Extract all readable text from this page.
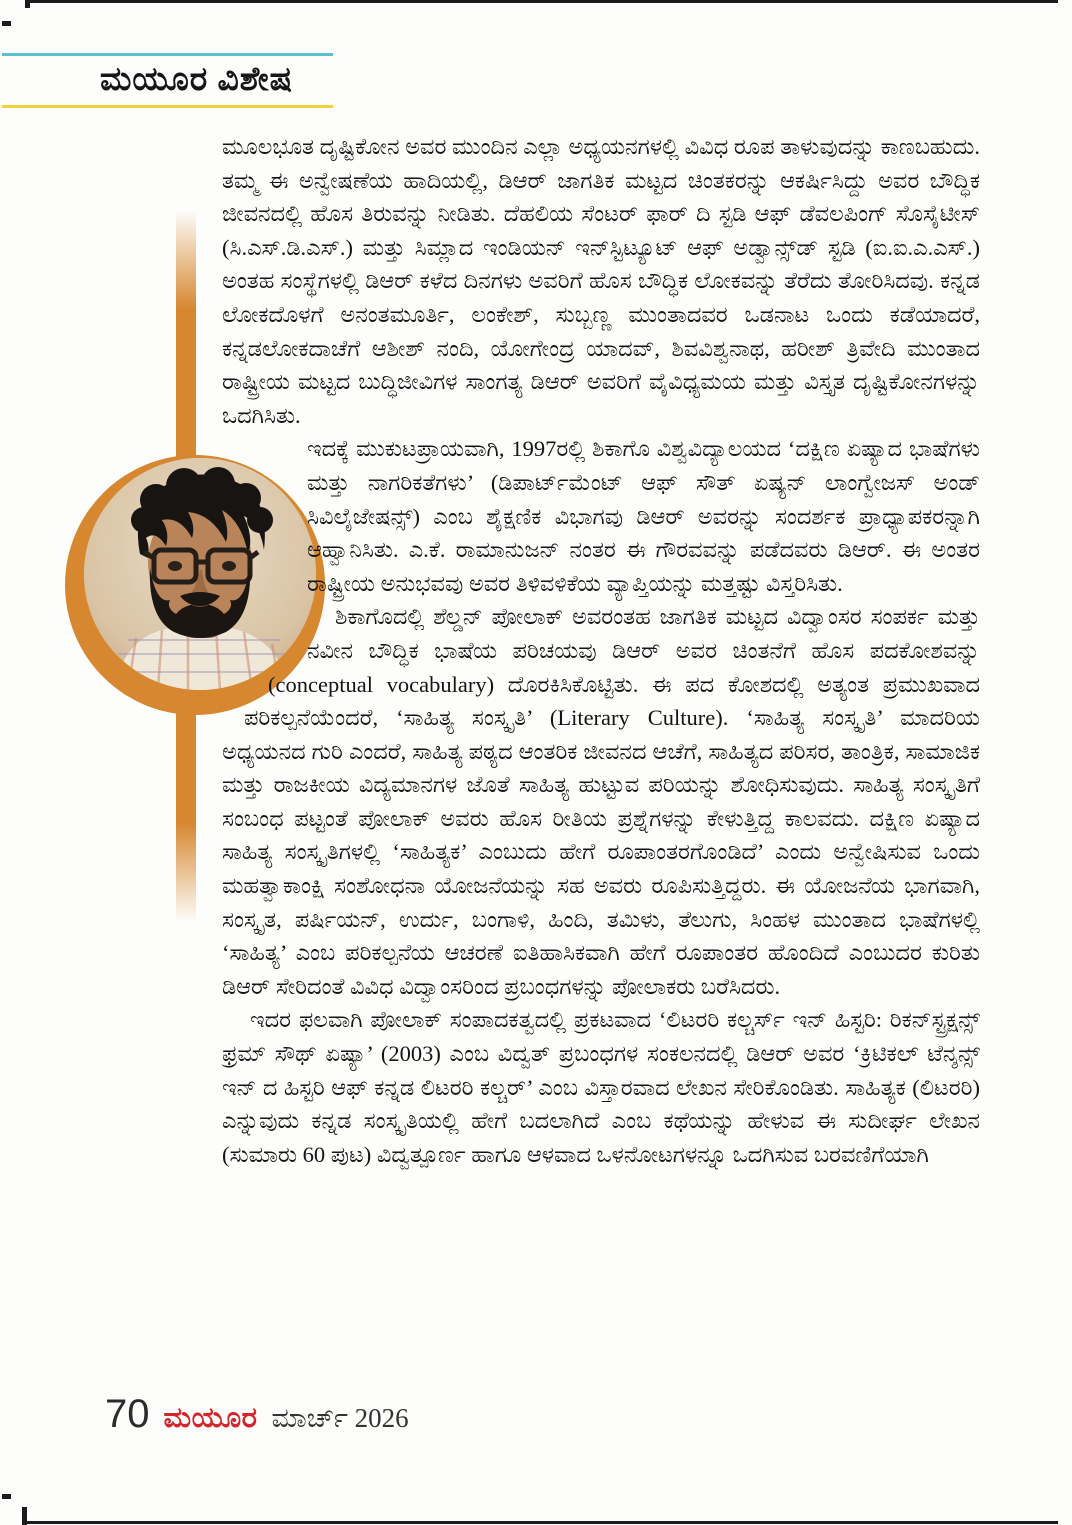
ಮಯೂರ ವಿಶೇಷ

ಮೂಲಭೂತ ದೃಷ್ಟಿಕೋನ ಅವರ ಮುಂದಿನ ಎಲ್ಲಾ ಅಧ್ಯಯನಗಳಲ್ಲಿ ವಿವಿಧ ರೂಪ ತಾಳುವುದನ್ನು ಕಾಣಬಹುದು. ತಮ್ಮ ಈ ಅನ್ವೇಷಣೆಯ ಹಾದಿಯಲ್ಲಿ, ಡಿಆರ್ ಜಾಗತಿಕ ಮಟ್ಟದ ಚಿಂತಕರನ್ನು ಆಕರ್ಷಿಸಿದ್ದು ಅವರ ಬೌದ್ಧಿಕ ಜೀವನದಲ್ಲಿ ಹೊಸ ತಿರುವನ್ನು ನೀಡಿತು. ದೆಹಲಿಯ ಸೆಂಟರ್ ಫಾರ್ ದಿ ಸ್ಟಡಿ ಆಫ್ ಡೆವಲಪಿಂಗ್ ಸೊಸೈಟೀಸ್ (ಸಿ.ಎಸ್.ಡಿ.ಎಸ್.) ಮತ್ತು ಸಿಮ್ಲಾದ ಇಂಡಿಯನ್ ಇನ್‌ಸ್ಟಿಟ್ಯೂಟ್ ಆಫ್ ಅಡ್ವಾನ್ಸ್‌ಡ್ ಸ್ಟಡಿ (ಐ.ಐ.ಎ.ಎಸ್.) ಅಂತಹ ಸಂಸ್ಥೆಗಳಲ್ಲಿ ಡಿಆರ್ ಕಳೆದ ದಿನಗಳು ಅವರಿಗೆ ಹೊಸ ಬೌದ್ಧಿಕ ಲೋಕವನ್ನು ತೆರೆದು ತೋರಿಸಿದವು. ಕನ್ನಡ ಲೋಕದೊಳಗೆ ಅನಂತಮೂರ್ತಿ, ಲಂಕೇಶ್, ಸುಬ್ಬಣ್ಣ ಮುಂತಾದವರ ಒಡನಾಟ ಒಂದು ಕಡೆಯಾದರೆ, ಕನ್ನಡಲೋಕದಾಚೆಗೆ ಆಶೀಶ್ ನಂದಿ, ಯೋಗೇಂದ್ರ ಯಾದವ್, ಶಿವವಿಶ್ವನಾಥ, ಹರೀಶ್ ತ್ರಿವೇದಿ ಮುಂತಾದ ರಾಷ್ಟ್ರೀಯ ಮಟ್ಟದ ಬುದ್ಧಿಜೀವಿಗಳ ಸಾಂಗತ್ಯ ಡಿಆರ್ ಅವರಿಗೆ ವೈವಿಧ್ಯಮಯ ಮತ್ತು ವಿಸ್ತೃತ ದೃಷ್ಟಿಕೋನಗಳನ್ನು ಒದಗಿಸಿತು.

ಇದಕ್ಕೆ ಮುಕುಟಪ್ರಾಯವಾಗಿ, 1997ರಲ್ಲಿ ಶಿಕಾಗೊ ವಿಶ್ವವಿದ್ಯಾಲಯದ ‘ದಕ್ಷಿಣ ಏಷ್ಯಾದ ಭಾಷೆಗಳು ಮತ್ತು ನಾಗರಿಕತೆಗಳು’ (ಡಿಪಾರ್ಟ್‌ಮೆಂಟ್ ಆಫ್ ಸೌತ್ ಏಷ್ಯನ್ ಲಾಂಗ್ವೇಜಸ್ ಅಂಡ್ ಸಿವಿಲೈಜೇಷನ್ಸ್) ಎಂಬ ಶೈಕ್ಷಣಿಕ ವಿಭಾಗವು ಡಿಆರ್ ಅವರನ್ನು ಸಂದರ್ಶಕ ಪ್ರಾಧ್ಯಾಪಕರನ್ನಾಗಿ ಆಹ್ವಾನಿಸಿತು. ಎ.ಕೆ. ರಾಮಾನುಜನ್ ನಂತರ ಈ ಗೌರವವನ್ನು ಪಡೆದವರು ಡಿಆರ್. ಈ ಅಂತರ ರಾಷ್ಟ್ರೀಯ ಅನುಭವವು ಅವರ ತಿಳಿವಳಿಕೆಯ ವ್ಯಾಪ್ತಿಯನ್ನು ಮತ್ತಷ್ಟು ವಿಸ್ತರಿಸಿತು.

ಶಿಕಾಗೊದಲ್ಲಿ ಶೆಲ್ಡನ್ ಪೋಲಾಕ್ ಅವರಂತಹ ಜಾಗತಿಕ ಮಟ್ಟದ ವಿದ್ವಾಂಸರ ಸಂಪರ್ಕ ಮತ್ತು ನವೀನ ಬೌದ್ಧಿಕ ಭಾಷೆಯ ಪರಿಚಯವು ಡಿಆರ್ ಅವರ ಚಿಂತನೆಗೆ ಹೊಸ ಪದಕೋಶವನ್ನು (conceptual vocabulary) ದೊರಕಿಸಿಕೊಟ್ಟಿತು. ಈ ಪದ ಕೋಶದಲ್ಲಿ ಅತ್ಯಂತ ಪ್ರಮುಖವಾದ ಪರಿಕಲ್ಪನೆಯೆಂದರೆ, ‘ಸಾಹಿತ್ಯ ಸಂಸ್ಕೃತಿ’ (Literary Culture). ‘ಸಾಹಿತ್ಯ ಸಂಸ್ಕೃತಿ’ ಮಾದರಿಯ ಅಧ್ಯಯನದ ಗುರಿ ಎಂದರೆ, ಸಾಹಿತ್ಯ ಪಠ್ಯದ ಆಂತರಿಕ ಜೀವನದ ಆಚೆಗೆ, ಸಾಹಿತ್ಯದ ಪರಿಸರ, ತಾಂತ್ರಿಕ, ಸಾಮಾಜಿಕ ಮತ್ತು ರಾಜಕೀಯ ವಿದ್ಯಮಾನಗಳ ಜೊತೆ ಸಾಹಿತ್ಯ ಹುಟ್ಟುವ ಪರಿಯನ್ನು ಶೋಧಿಸುವುದು. ಸಾಹಿತ್ಯ ಸಂಸ್ಕೃತಿಗೆ ಸಂಬಂಧ ಪಟ್ಟಂತೆ ಪೋಲಾಕ್ ಅವರು ಹೊಸ ರೀತಿಯ ಪ್ರಶ್ನೆಗಳನ್ನು ಕೇಳುತ್ತಿದ್ದ ಕಾಲವದು. ದಕ್ಷಿಣ ಏಷ್ಯಾದ ಸಾಹಿತ್ಯ ಸಂಸ್ಕೃತಿಗಳಲ್ಲಿ ‘ಸಾಹಿತ್ಯಕ’ ಎಂಬುದು ಹೇಗೆ ರೂಪಾಂತರಗೊಂಡಿದೆ’ ಎಂದು ಅನ್ವೇಷಿಸುವ ಒಂದು ಮಹತ್ವಾಕಾಂಕ್ಷಿ ಸಂಶೋಧನಾ ಯೋಜನೆಯನ್ನು ಸಹ ಅವರು ರೂಪಿಸುತ್ತಿದ್ದರು. ಈ ಯೋಜನೆಯ ಭಾಗವಾಗಿ, ಸಂಸ್ಕೃತ, ಪರ್ಷಿಯನ್, ಉರ್ದು, ಬಂಗಾಳಿ, ಹಿಂದಿ, ತಮಿಳು, ತೆಲುಗು, ಸಿಂಹಳ ಮುಂತಾದ ಭಾಷೆಗಳಲ್ಲಿ ‘ಸಾಹಿತ್ಯ’ ಎಂಬ ಪರಿಕಲ್ಪನೆಯ ಆಚರಣೆ ಐತಿಹಾಸಿಕವಾಗಿ ಹೇಗೆ ರೂಪಾಂತರ ಹೊಂದಿದೆ ಎಂಬುದರ ಕುರಿತು ಡಿಆರ್ ಸೇರಿದಂತೆ ವಿವಿಧ ವಿದ್ವಾಂಸರಿಂದ ಪ್ರಬಂಧಗಳನ್ನು ಪೋಲಾಕರು ಬರೆಸಿದರು.

ಇದರ ಫಲವಾಗಿ ಪೋಲಾಕ್ ಸಂಪಾದಕತ್ವದಲ್ಲಿ ಪ್ರಕಟವಾದ ‘ಲಿಟರರಿ ಕಲ್ಚರ್ಸ್ ಇನ್ ಹಿಸ್ಟರಿ: ರಿಕನ್‌ಸ್ಟ್ರಕ್ಷನ್ಸ್ ಫ್ರಮ್ ಸೌಥ್ ಏಷ್ಯಾ’ (2003) ಎಂಬ ವಿದ್ವತ್ ಪ್ರಬಂಧಗಳ ಸಂಕಲನದಲ್ಲಿ ಡಿಆರ್ ಅವರ ‘ಕ್ರಿಟಿಕಲ್ ಟೆನ್ಶನ್ಸ್ ಇನ್ ದ ಹಿಸ್ಟರಿ ಆಫ್ ಕನ್ನಡ ಲಿಟರರಿ ಕಲ್ಚರ್’ ಎಂಬ ವಿಸ್ತಾರವಾದ ಲೇಖನ ಸೇರಿಕೊಂಡಿತು. ಸಾಹಿತ್ಯಕ (ಲಿಟರರಿ) ಎನ್ನುವುದು ಕನ್ನಡ ಸಂಸ್ಕೃತಿಯಲ್ಲಿ ಹೇಗೆ ಬದಲಾಗಿದೆ ಎಂಬ ಕಥೆಯನ್ನು ಹೇಳುವ ಈ ಸುದೀರ್ಘ ಲೇಖನ (ಸುಮಾರು 60 ಪುಟ) ವಿದ್ವತ್ಪೂರ್ಣ ಹಾಗೂ ಆಳವಾದ ಒಳನೋಟಗಳನ್ನೂ ಒದಗಿಸುವ ಬರವಣಿಗೆಯಾಗಿ

70 ಮಯೂರ ಮಾರ್ಚ್ 2026
